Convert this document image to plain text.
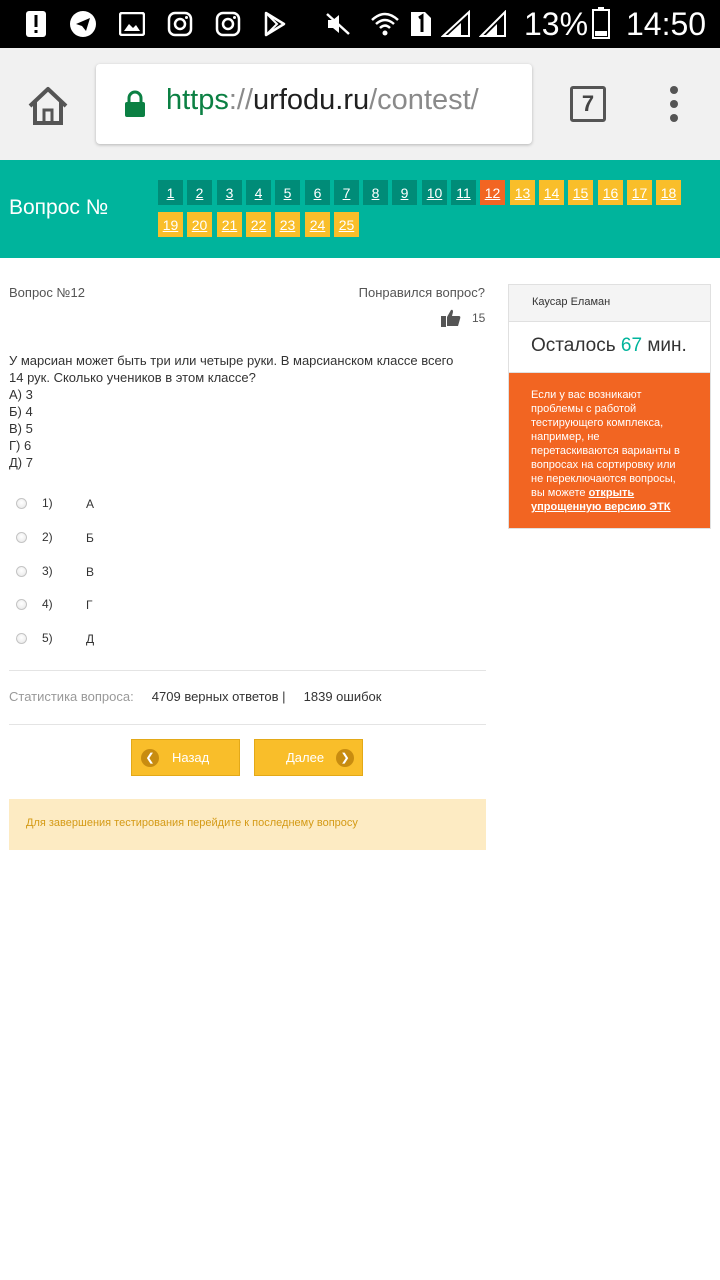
13% 14:50
https://urfodu.ru/contest/	7
Вопрос №
1	2	3	4	5	6	7	8	9	10 11 12	13 14 15	16 17 18
19 20	21 22 23	24 25
Вопрос №12	Понравился вопрос?
15
У марсиан может быть три или четыре руки. В марсианском классе всего
14 рук. Сколько учеников в этом классе?
А) 3
Б) 4
В) 5
Г) 6
Д) 7
1)	А
2)	Б
3)	В
4)	Г
5)	Д
Статистика вопроса: 4709 верных ответов | 1839 ошибок
❮	Назад	Далее	❯
Для завершения тестирования перейдите к последнему вопросу
Каусар Еламан
Осталось 67 мин.
Если у вас возникают проблемы с работой тестирующего комплекса, например, не перетаскиваются варианты в вопросах на сортировку или не переключаются вопросы, вы можете открыть упрощенную версию ЭТК
